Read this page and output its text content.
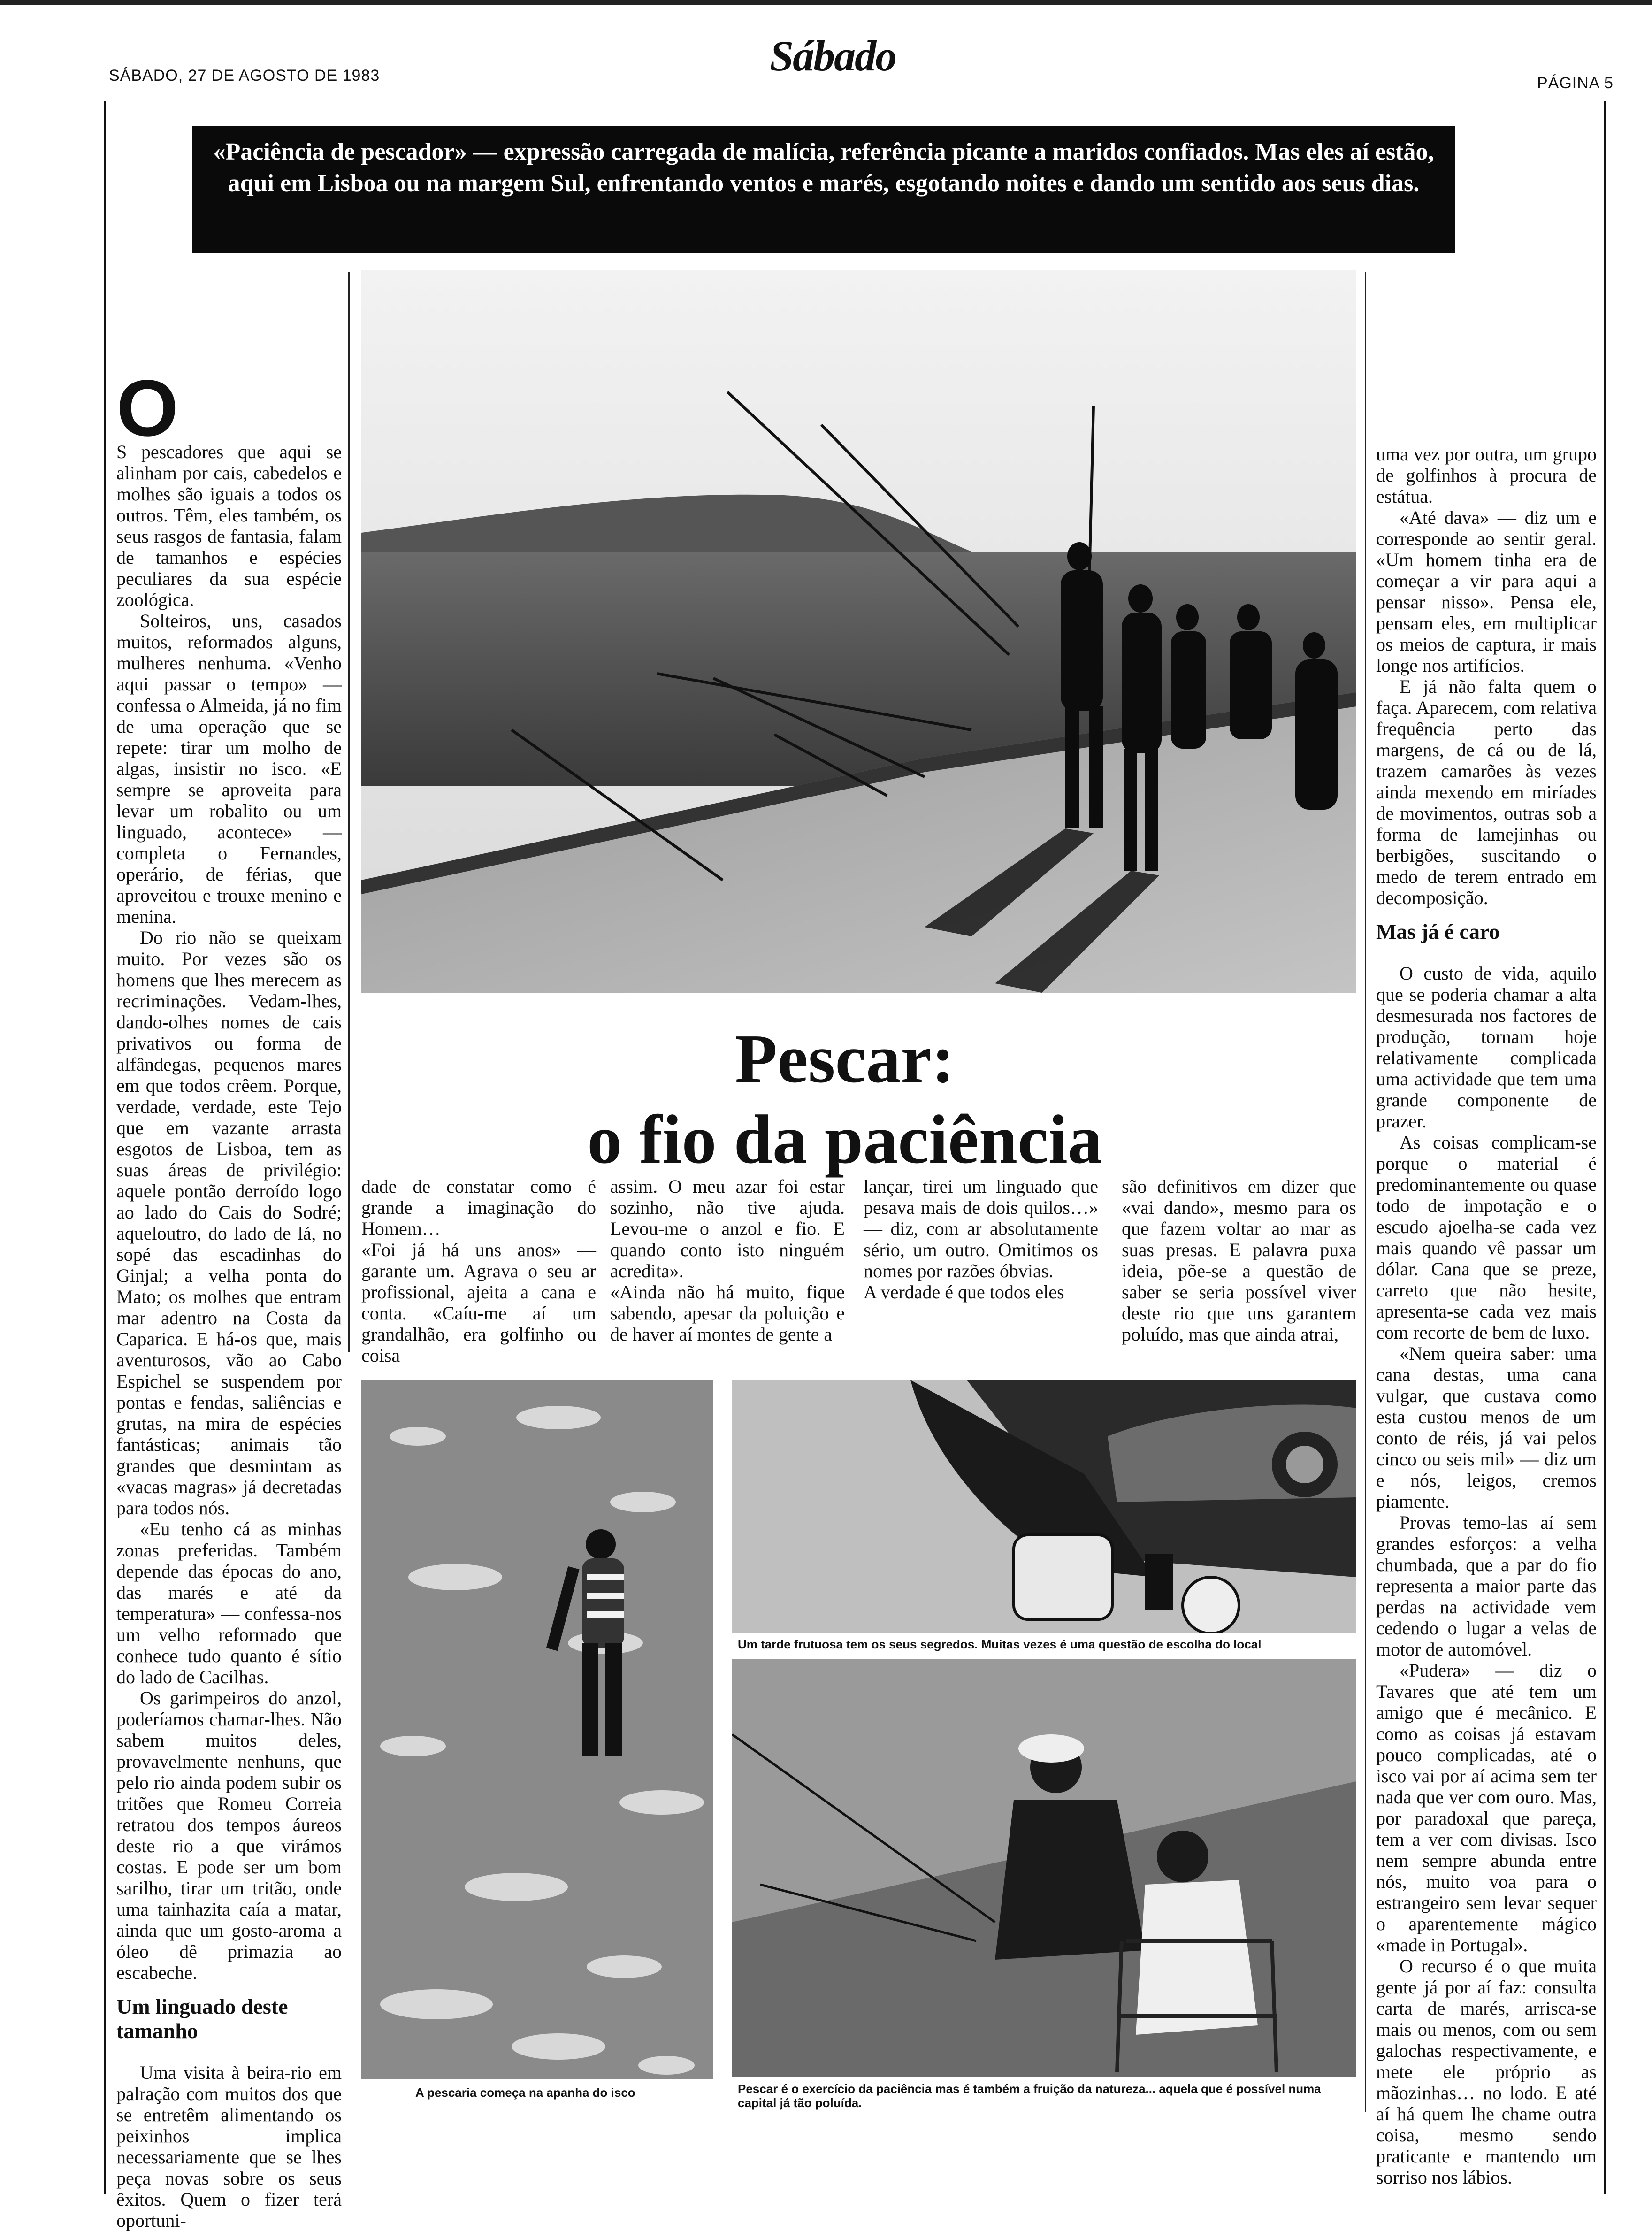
SÁBADO, 27 DE AGOSTO DE 1983	Sábado
PÁGINA 5
«Paciência de pescador» — expressão carregada de malícia, referência picante a maridos confiados. Mas eles aí estão, aqui em Lisboa ou na margem Sul, enfrentando ventos e marés, esgotando noites e dando um sentido aos seus dias.
Pescar:
o fio da paciência
O

S pescadores que aqui se alinham por cais, cabedelos e molhes são iguais a todos os outros. Têm, eles também, os seus rasgos de fantasia, falam de tamanhos e espécies peculiares da sua espécie zoológica.

Solteiros, uns, casados muitos, reformados alguns, mulheres nenhuma. «Venho aqui passar o tempo» — confessa o Almeida, já no fim de uma operação que se repete: tirar um molho de algas, insistir no isco. «E sempre se aproveita para levar um robalito ou um linguado, acontece» — completa o Fernandes, operário, de férias, que aproveitou e trouxe menino e menina.

Do rio não se queixam muito. Por vezes são os homens que lhes merecem as recriminações. Vedam-lhes, dando-olhes nomes de cais privativos ou forma de alfândegas, pequenos mares em que todos crêem. Porque, verdade, verdade, este Tejo que em vazante arrasta esgotos de Lisboa, tem as suas áreas de privilégio: aquele pontão derroído logo ao lado do Cais do Sodré; aqueloutro, do lado de lá, no sopé das escadinhas do Ginjal; a velha ponta do Mato; os molhes que entram mar adentro na Costa da Caparica. E há-os que, mais aventurosos, vão ao Cabo Espichel se suspendem por pontas e fendas, saliências e grutas, na mira de espécies fantásticas; animais tão grandes que desmintam as «vacas magras» já decretadas para todos nós.

«Eu tenho cá as minhas zonas preferidas. Também depende das épocas do ano, das marés e até da temperatura» — confessa-nos um velho reformado que conhece tudo quanto é sítio do lado de Cacilhas.

Os garimpeiros do anzol, poderíamos chamar-lhes. Não sabem muitos deles, provavelmente nenhuns, que pelo rio ainda podem subir os tritões que Romeu Correia retratou dos tempos áureos deste rio a que virámos costas. E pode ser um bom sarilho, tirar um tritão, onde uma tainhazita caía a matar, ainda que um gosto-aroma a óleo dê primazia ao escabeche.

Um linguado deste tamanho

Uma visita à beira-rio em palração com muitos dos que se entretêm alimentando os peixinhos implica necessariamente que se lhes peça novas sobre os seus êxitos. Quem o fizer terá oportuni-

dade de constatar como é grande a imaginação do Homem…
«Foi já há uns anos» — garante um. Agrava o seu ar profissional, ajeita a cana e conta. «Caíu-me aí um grandalhão, era golfinho ou coisa
assim. O meu azar foi estar sozinho, não tive ajuda. Levou-me o anzol e fio. E quando conto isto ninguém acredita».
«Ainda não há muito, fique sabendo, apesar da poluição e de haver aí montes de gente a
lançar, tirei um linguado que pesava mais de dois quilos…» — diz, com ar absolutamente sério, um outro. Omitimos os nomes por razões óbvias.
A verdade é que todos eles
são definitivos em dizer que «vai dando», mesmo para os que fazem voltar ao mar as suas presas. E palavra puxa ideia, põe-se a questão de saber se seria possível viver deste rio que uns garantem poluído, mas que ainda atrai,

uma vez por outra, um grupo de golfinhos à procura de estátua.

«Até dava» — diz um e corresponde ao sentir geral. «Um homem tinha era de começar a vir para aqui a pensar nisso». Pensa ele, pensam eles, em multiplicar os meios de captura, ir mais longe nos artifícios.

E já não falta quem o faça. Aparecem, com relativa frequência perto das margens, de cá ou de lá, trazem camarões às vezes ainda mexendo em miríades de movimentos, outras sob a forma de lamejinhas ou berbigões, suscitando o medo de terem entrado em decomposição.

Mas já é caro

O custo de vida, aquilo que se poderia chamar a alta desmesurada nos factores de produção, tornam hoje relativamente complicada uma actividade que tem uma grande componente de prazer.

As coisas complicam-se porque o material é predominantemente ou quase todo de impotação e o escudo ajoelha-se cada vez mais quando vê passar um dólar. Cana que se preze, carreto que não hesite, apresenta-se cada vez mais com recorte de bem de luxo.

«Nem queira saber: uma cana destas, uma cana vulgar, que custava como esta custou menos de um conto de réis, já vai pelos cinco ou seis mil» — diz um e nós, leigos, cremos piamente.

Provas temo-las aí sem grandes esforços: a velha chumbada, que a par do fio representa a maior parte das perdas na actividade vem cedendo o lugar a velas de motor de automóvel.

«Pudera» — diz o Tavares que até tem um amigo que é mecânico. E como as coisas já estavam pouco complicadas, até o isco vai por aí acima sem ter nada que ver com ouro. Mas, por paradoxal que pareça, tem a ver com divisas. Isco nem sempre abunda entre nós, muito voa para o estrangeiro sem levar sequer o aparentemente mágico «made in Portugal».

O recurso é o que muita gente já por aí faz: consulta carta de marés, arrisca-se mais ou menos, com ou sem galochas respectivamente, e mete ele próprio as mãozinhas… no lodo. E até aí há quem lhe chame outra coisa, mesmo sendo praticante e mantendo um sorriso nos lábios.

A pescaria começa na apanha do isco
Um tarde frutuosa tem os seus segredos. Muitas vezes é uma questão de escolha do local
Pescar é o exercício da paciência mas é também a fruição da natureza... aquela que é possível numa capital já tão poluída.
